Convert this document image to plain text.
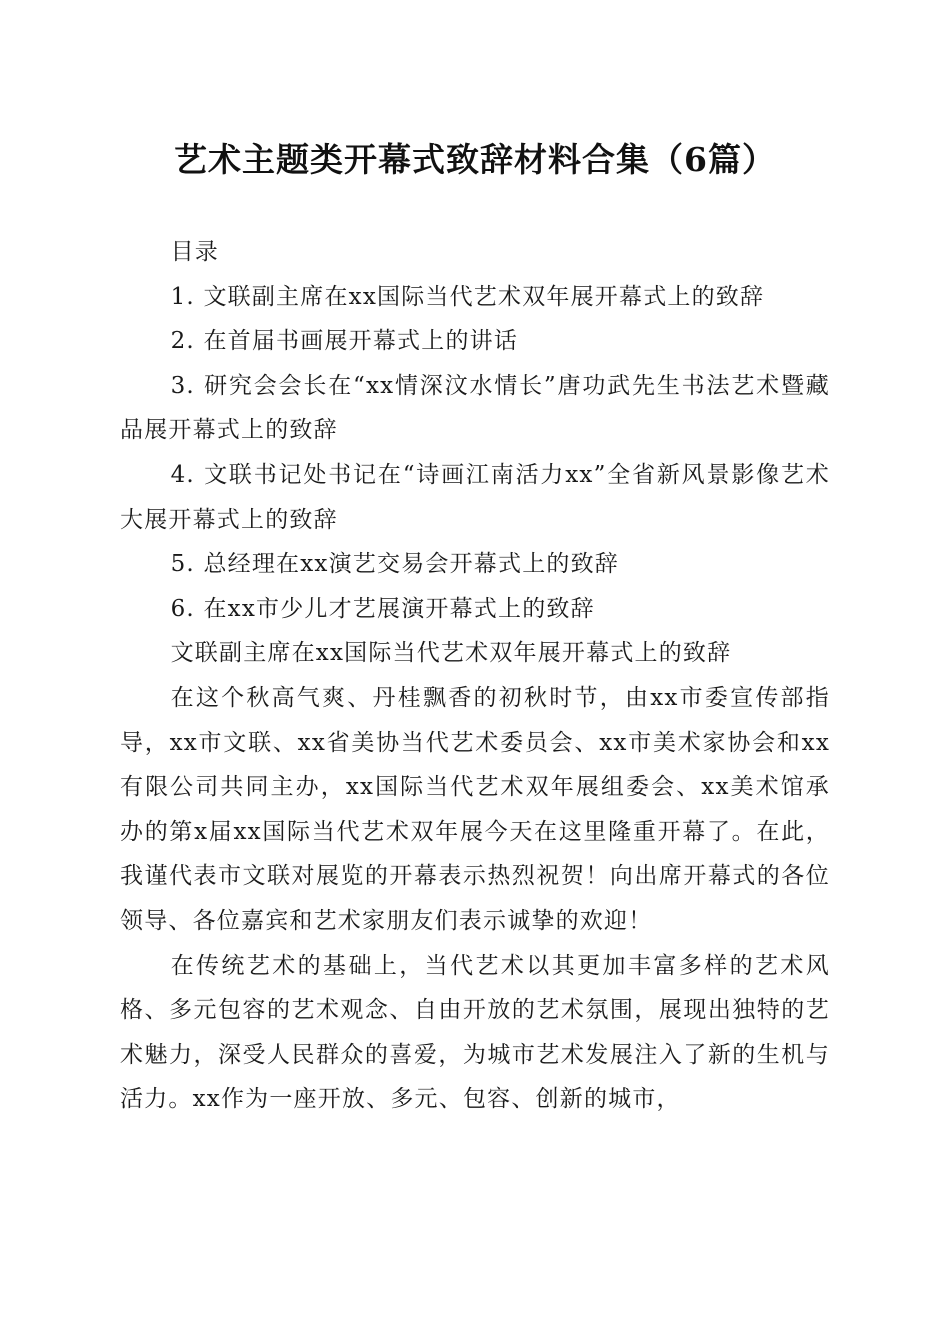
艺术主题类开幕式致辞材料合集（6篇）

目录

1. 文联副主席在xx国际当代艺术双年展开幕式上的致辞

2. 在首届书画展开幕式上的讲话

3. 研究会会长在“xx情深汶水情长”唐功武先生书法艺术暨藏品展开幕式上的致辞

4. 文联书记处书记在“诗画江南活力xx”全省新风景影像艺术大展开幕式上的致辞

5. 总经理在xx演艺交易会开幕式上的致辞

6. 在xx市少儿才艺展演开幕式上的致辞

文联副主席在xx国际当代艺术双年展开幕式上的致辞

在这个秋高气爽、丹桂飘香的初秋时节，由xx市委宣传部指导，xx市文联、xx省美协当代艺术委员会、xx市美术家协会和xx有限公司共同主办，xx国际当代艺术双年展组委会、xx美术馆承办的第x届xx国际当代艺术双年展今天在这里隆重开幕了。在此，我谨代表市文联对展览的开幕表示热烈祝贺！向出席开幕式的各位领导、各位嘉宾和艺术家朋友们表示诚挚的欢迎！

在传统艺术的基础上，当代艺术以其更加丰富多样的艺术风格、多元包容的艺术观念、自由开放的艺术氛围，展现出独特的艺术魅力，深受人民群众的喜爱，为城市艺术发展注入了新的生机与活力。xx作为一座开放、多元、包容、创新的城市，
